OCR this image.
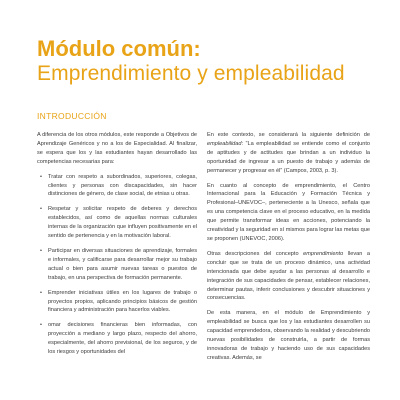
Módulo común:
Emprendimiento y empleabilidad
INTRODUCCIÓN

A diferencia de los otros módulos, este responde a Objetivos de Aprendizaje Genéricos y no a los de Especialidad. Al finalizar, se espera que los y las estudiantes hayan desarrollado las competencias necesarias para:

• Tratar con respeto a subordinados, superiores, colegas, clientes y personas con discapacidades, sin hacer distinciones de género, de clase social, de etnias u otras.
• Respetar y solicitar respeto de deberes y derechos establecidos, así como de aquellas normas culturales internas de la organización que influyen positivamente en el sentido de pertenencia y en la motivación laboral.
• Participar en diversas situaciones de aprendizaje, formales e informales, y calificarse para desarrollar mejor su trabajo actual o bien para asumir nuevas tareas o puestos de trabajo, en una perspectiva de formación permanente.
• Emprender iniciativas útiles en los lugares de trabajo o proyectos propios, aplicando principios básicos de gestión financiera y administración para hacerlos viables.
• omar decisiones financieras bien informadas, con proyección a mediano y largo plazo, respecto del ahorro, especialmente, del ahorro previsional, de los seguros, y de los riesgos y oportunidades del

En este contexto, se considerará la siguiente definición de empleabilidad: “La empleabilidad se entiende como el conjunto de aptitudes y de actitudes que brindan a un individuo la oportunidad de ingresar a un puesto de trabajo y además de permanecer y progresar en él” (Campos, 2003, p. 3).

En cuanto al concepto de emprendimiento, el Centro Internacional para la Educación y Formación Técnica y Profesional–UNEVOC–, perteneciente a la Unesco, señala que es una competencia clave en el proceso educativo, en la medida que permite transformar ideas en acciones, potenciando la creatividad y la seguridad en sí mismos para lograr las metas que se proponen (UNEVOC, 2006).

Otras descripciones del concepto emprendimiento llevan a concluir que se trata de un proceso dinámico, una actividad intencionada que debe ayudar a las personas al desarrollo e integración de sus capacidades de pensar, establecer relaciones, determinar pautas, inferir conclusiones y descubrir situaciones y consecuencias.

De esta manera, en el módulo de Emprendimiento y empleabilidad se busca que los y las estudiantes desarrollen su capacidad emprendedora, observando la realidad y descubriendo nuevas posibilidades de construirla, a partir de formas innovadoras de trabajo y haciendo uso de sus capacidades creativas. Además, se
